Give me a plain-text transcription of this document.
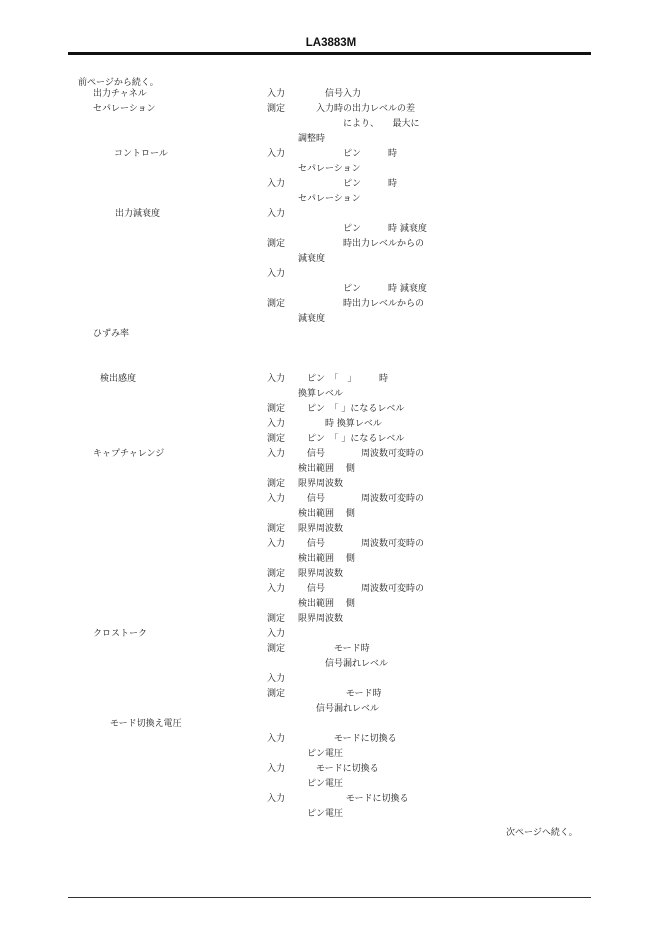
LA3883M
前ページから続く。
出力チャネル	入力 　　　信号入力
セパレーション	測定 　　入力時の出力レベルの差
　　　　　により、　　最大に
調整時
コントロール	入力 　　　　　ピン　　　時
セパレーション
入力 　　　　　ピン　　　時
セパレーション
出力減衰度	入力
　　　　　ピン　　　時 減衰度
測定 　　　　　時出力レベルからの
減衰度
入力
　　　　　ピン　　　時 減衰度
測定 　　　　　時出力レベルからの
減衰度
ひずみ率
検出感度	入力 　ピン　「　」　　　時
換算レベル
測定 　ピン　「 」になるレベル
入力 　　　時 換算レベル
測定 　ピン　「 」になるレベル
キャプチャレンジ	入力 　信号　　　　周波数可変時の
検出範囲　 側
測定 限界周波数
入力 　信号　　　　周波数可変時の
検出範囲　 側
測定 限界周波数
入力 　信号　　　　周波数可変時の
検出範囲　 側
測定 限界周波数
入力 　信号　　　　周波数可変時の
検出範囲　 側
測定 限界周波数
クロストーク	入力
測定 　　　　モード時
　　　信号漏れレベル
入力
測定 　　　　　 モード時
　　信号漏れレベル
モード切換え電圧
入力 　　　　モードに切換る
　ピン電圧
入力 　　モードに切換る
　ピン電圧
入力 　　　　　 モードに切換る
　ピン電圧
次ページへ続く。
